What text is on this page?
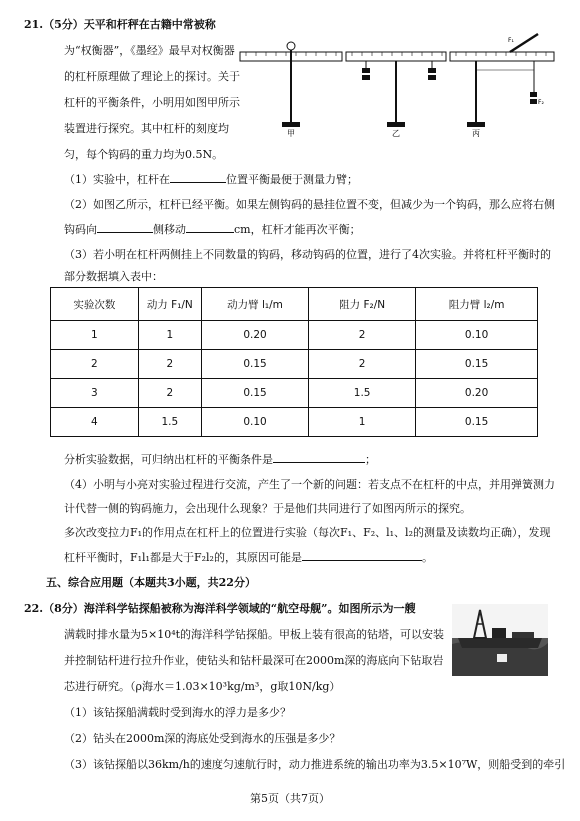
21.（5分）天平和杆秤在古籍中常被称
为“权衡器”，《墨经》最早对权衡器
的杠杆原理做了理论上的探讨。关于
杠杆的平衡条件，小明用如图甲所示
装置进行探究。其中杠杆的刻度均
匀，每个钩码的重力均为0.5N。
甲	乙
F₁
F₂
丙
（1）实验中，杠杆在	位置平衡最便于测量力臂；
（2）如图乙所示，杠杆已经平衡。如果左侧钩码的悬挂位置不变，但减少为一个钩码，那么应将右侧
钩码向	侧移动	cm，杠杆才能再次平衡；
（3）若小明在杠杆两侧挂上不同数量的钩码，移动钩码的位置，进行了4次实验。并将杠杆平衡时的
部分数据填入表中：
实验次数	动力 F₁/N	动力臂 l₁/m	阻力 F₂/N	阻力臂 l₂/m
1	1	0.20	2	0.10
2	2	0.15	2	0.15
3	2	0.15	1.5	0.20
4	1.5	0.10	1	0.15
分析实验数据，可归纳出杠杆的平衡条件是	；
（4）小明与小亮对实验过程进行交流，产生了一个新的问题：若支点不在杠杆的中点，并用弹簧测力
计代替一侧的钩码施力，会出现什么现象？于是他们共同进行了如图丙所示的探究。
多次改变拉力F₁的作用点在杠杆上的位置进行实验（每次F₁、F₂、l₁、l₂的测量及读数均正确），发现
杠杆平衡时，F₁l₁都是大于F₂l₂的，其原因可能是	。
五、综合应用题（本题共3小题，共22分）
22.（8分）海洋科学钻探船被称为海洋科学领域的“航空母舰”。如图所示为一艘
满载时排水量为5×10⁴t的海洋科学钻探船。甲板上装有很高的钻塔，可以安装
并控制钻杆进行拉升作业，使钻头和钻杆最深可在2000m深的海底向下钻取岩
芯进行研究。（ρ海水＝1.03×10³kg/m³，g取10N/kg）
（1）该钻探船满载时受到海水的浮力是多少？
（2）钻头在2000m深的海底处受到海水的压强是多少？
（3）该钻探船以36km/h的速度匀速航行时，动力推进系统的输出功率为3.5×10⁷W，则船受到的牵引
第5页（共7页）
